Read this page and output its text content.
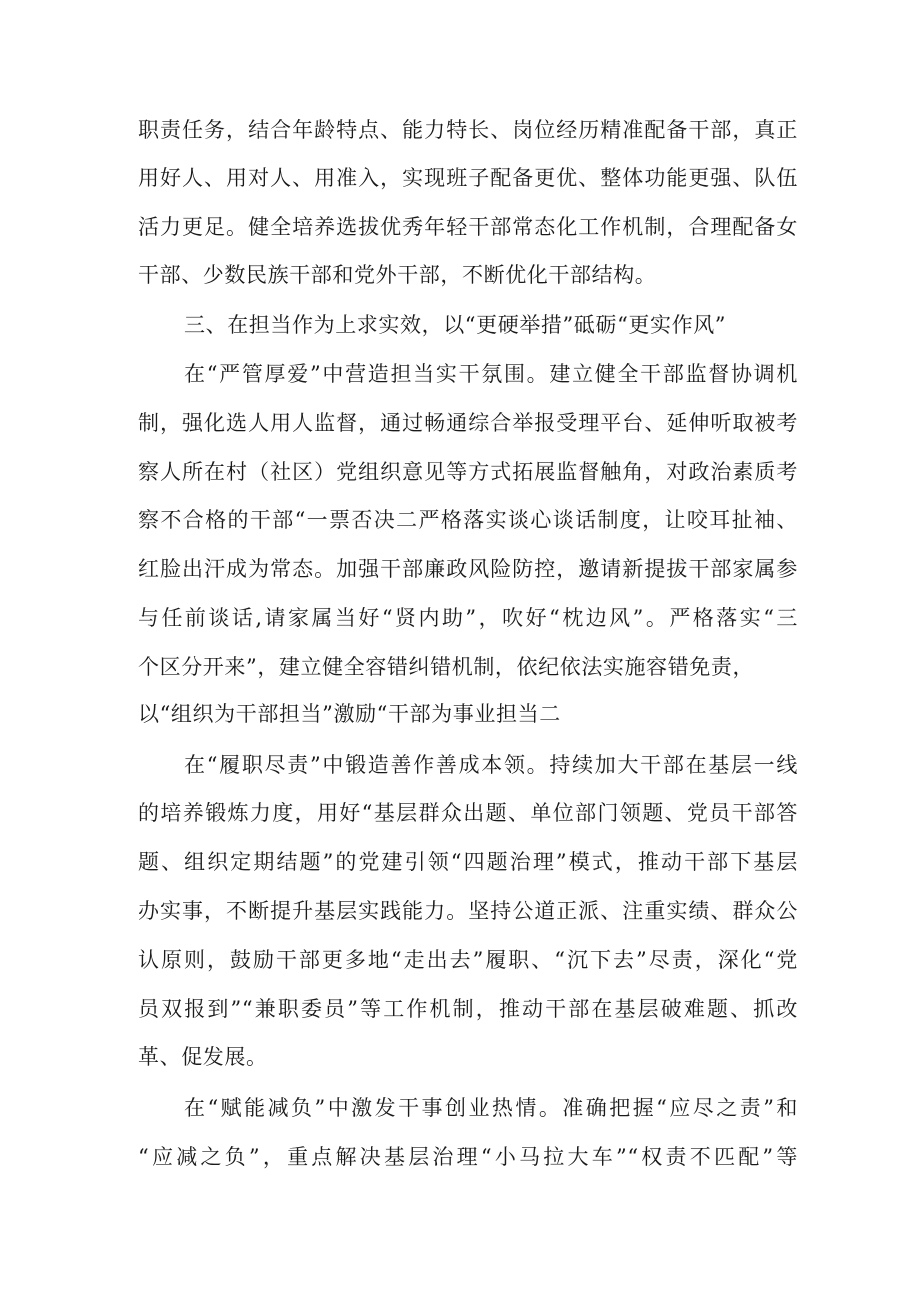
职责任务，结合年龄特点、能力特长、岗位经历精准配备干部，真正
用好人、用对人、用准入，实现班子配备更优、整体功能更强、队伍
活力更足。健全培养选拔优秀年轻干部常态化工作机制，合理配备女
干部、少数民族干部和党外干部，不断优化干部结构。
三、在担当作为上求实效，以“更硬举措”砥砺“更实作风”
在“严管厚爱”中营造担当实干氛围。建立健全干部监督协调机
制，强化选人用人监督，通过畅通综合举报受理平台、延伸听取被考
察人所在村（社区）党组织意见等方式拓展监督触角，对政治素质考
察不合格的干部“一票否决二严格落实谈心谈话制度，让咬耳扯袖、
红脸出汗成为常态。加强干部廉政风险防控，邀请新提拔干部家属参
与任前谈话,请家属当好“贤内助”，吹好“枕边风”。严格落实“三
个区分开来”，建立健全容错纠错机制，依纪依法实施容错免责，
以“组织为干部担当”激励“干部为事业担当二
在“履职尽责”中锻造善作善成本领。持续加大干部在基层一线
的培养锻炼力度，用好“基层群众出题、单位部门领题、党员干部答
题、组织定期结题”的党建引领“四题治理”模式，推动干部下基层
办实事，不断提升基层实践能力。坚持公道正派、注重实绩、群众公
认原则，鼓励干部更多地“走出去”履职、“沉下去”尽责，深化“党
员双报到”“兼职委员”等工作机制，推动干部在基层破难题、抓改
革、促发展。
在“赋能减负”中激发干事创业热情。准确把握“应尽之责”和
“应减之负”，重点解决基层治理“小马拉大车”“权责不匹配”等
